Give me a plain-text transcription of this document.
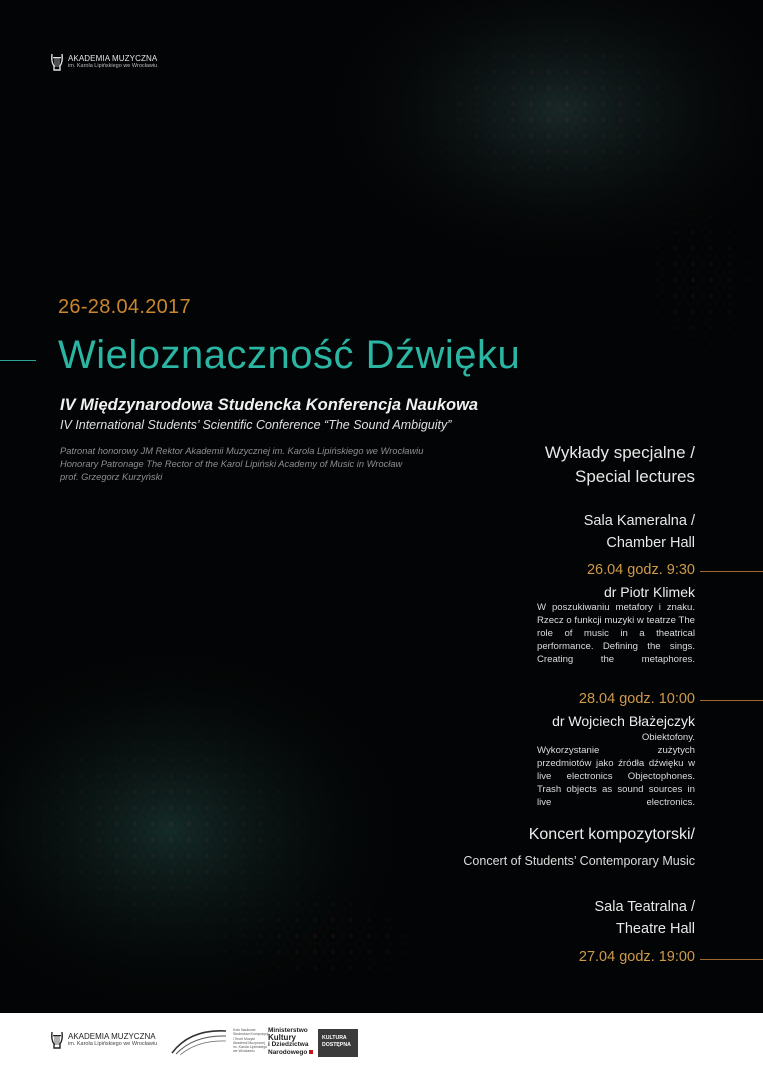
AKADEMIA MUZYCZNA
im. Karola Lipińskiego we Wrocławiu
26-28.04.2017
Wieloznaczność Dźwięku
IV Międzynarodowa Studencka Konferencja Naukowa
IV International Students’ Scientific Conference “The Sound Ambiguity”
Patronat honorowy JM Rektor Akademii Muzycznej im. Karola Lipińskiego we Wrocławiu
Honorary Patronage The Rector of the Karol Lipiński Academy of Music in Wrocław
prof. Grzegorz Kurzyński
Wykłady specjalne /
Special lectures
Sala Kameralna /
Chamber Hall
26.04 godz. 9:30
dr Piotr Klimek
W poszukiwaniu metafory i znaku. Rzecz o funkcji muzyki w teatrze The role of music in a theatrical performance. Defining the sings. Creating the metaphores.
28.04 godz. 10:00
dr Wojciech Błażejczyk
Obiektofony.
Wykorzystanie zużytych przedmiotów jako źródła dźwięku w live electronics Objectophones. Trash objects as sound sources in live electronics.
Koncert kompozytorski/
Concert of Students’ Contemporary Music
Sala Teatralna /
Theatre Hall
27.04 godz. 19:00
AKADEMIA MUZYCZNA
im. Karola Lipińskiego we Wrocławiu
Koło Naukowe Studentów Kompozycji i Teorii Muzyki Akademii Muzycznej im. Karola Lipińskiego we Wrocławiu
Ministerstwo
Kultury
i Dziedzictwa
Narodowego
KULTURA
DOSTĘPNA
